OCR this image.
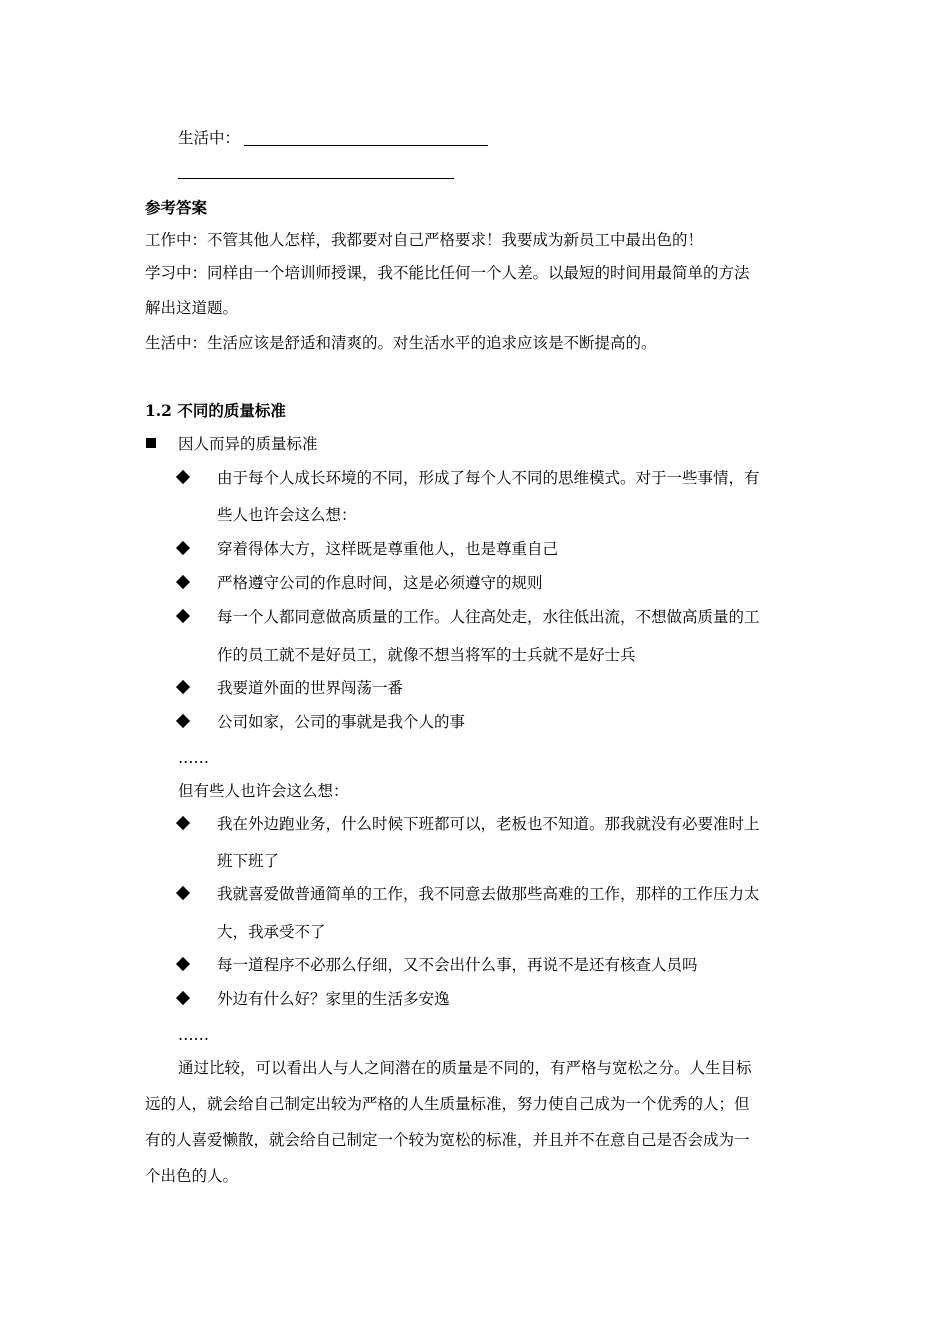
生活中：
参考答案
工作中：不管其他人怎样，我都要对自己严格要求！我要成为新员工中最出色的！
学习中：同样由一个培训师授课，我不能比任何一个人差。以最短的时间用最简单的方法
解出这道题。
生活中：生活应该是舒适和清爽的。对生活水平的追求应该是不断提高的。
1.2 不同的质量标准
因人而异的质量标准
由于每个人成长环境的不同，形成了每个人不同的思维模式。对于一些事情，有
些人也许会这么想：
穿着得体大方，这样既是尊重他人，也是尊重自己
严格遵守公司的作息时间，这是必须遵守的规则
每一个人都同意做高质量的工作。人往高处走，水往低出流，不想做高质量的工
作的员工就不是好员工，就像不想当将军的士兵就不是好士兵
我要道外面的世界闯荡一番
公司如家，公司的事就是我个人的事
……
但有些人也许会这么想：
我在外边跑业务，什么时候下班都可以，老板也不知道。那我就没有必要准时上
班下班了
我就喜爱做普通简单的工作，我不同意去做那些高难的工作，那样的工作压力太
大，我承受不了
每一道程序不必那么仔细，又不会出什么事，再说不是还有核查人员吗
外边有什么好？家里的生活多安逸
……
通过比较，可以看出人与人之间潜在的质量是不同的，有严格与宽松之分。人生目标
远的人，就会给自己制定出较为严格的人生质量标准，努力使自己成为一个优秀的人；但
有的人喜爱懒散，就会给自己制定一个较为宽松的标准，并且并不在意自己是否会成为一
个出色的人。
